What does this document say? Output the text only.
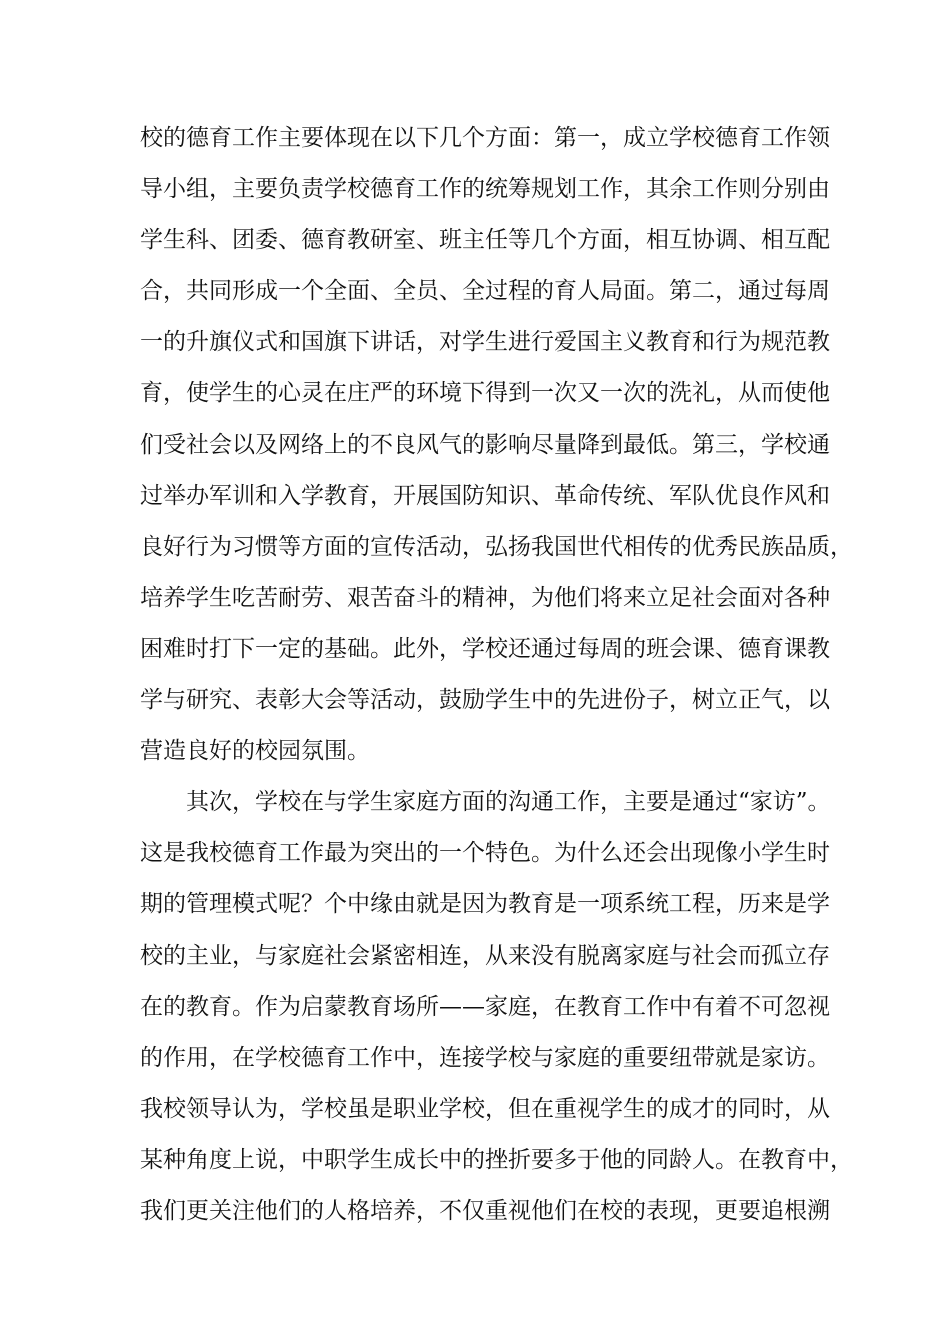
校的德育工作主要体现在以下几个方面：第一，成立学校德育工作领
导小组，主要负责学校德育工作的统筹规划工作，其余工作则分别由
学生科、团委、德育教研室、班主任等几个方面，相互协调、相互配
合，共同形成一个全面、全员、全过程的育人局面。第二，通过每周
一的升旗仪式和国旗下讲话，对学生进行爱国主义教育和行为规范教
育，使学生的心灵在庄严的环境下得到一次又一次的洗礼，从而使他
们受社会以及网络上的不良风气的影响尽量降到最低。第三，学校通
过举办军训和入学教育，开展国防知识、革命传统、军队优良作风和
良好行为习惯等方面的宣传活动，弘扬我国世代相传的优秀民族品质，
培养学生吃苦耐劳、艰苦奋斗的精神，为他们将来立足社会面对各种
困难时打下一定的基础。此外，学校还通过每周的班会课、德育课教
学与研究、表彰大会等活动，鼓励学生中的先进份子，树立正气，以
营造良好的校园氛围。
其次，学校在与学生家庭方面的沟通工作，主要是通过“家访”。
这是我校德育工作最为突出的一个特色。为什么还会出现像小学生时
期的管理模式呢？个中缘由就是因为教育是一项系统工程，历来是学
校的主业，与家庭社会紧密相连，从来没有脱离家庭与社会而孤立存
在的教育。作为启蒙教育场所——家庭，在教育工作中有着不可忽视
的作用，在学校德育工作中，连接学校与家庭的重要纽带就是家访。
我校领导认为，学校虽是职业学校，但在重视学生的成才的同时，从
某种角度上说，中职学生成长中的挫折要多于他的同龄人。在教育中，
我们更关注他们的人格培养，不仅重视他们在校的表现，更要追根溯
